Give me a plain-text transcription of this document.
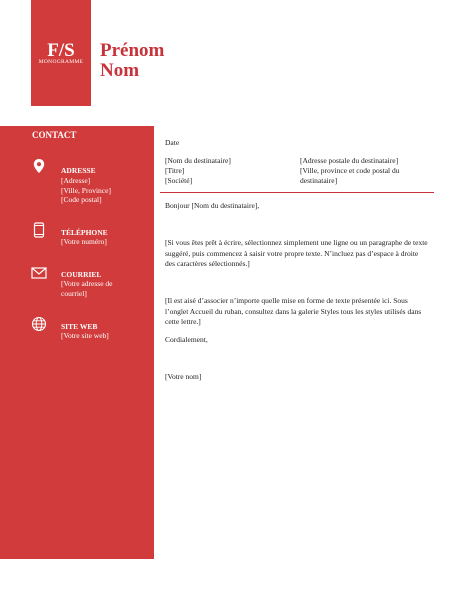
F/S
MONOGRAMME
Prénom
Nom
CONTACT
ADRESSE
[Adresse]
[Ville, Province]
[Code postal]
TÉLÉPHONE
[Votre numéro]
COURRIEL
[Votre adresse de
courriel]
SITE WEB
[Votre site web]
Date
[Nom du destinataire]
[Titre]
[Société]
[Adresse postale du destinataire]
[Ville, province et code postal du
destinataire]
Bonjour [Nom du destinataire],
[Si vous êtes prêt à écrire, sélectionnez simplement une ligne ou un paragraphe de texte suggéré, puis commencez à saisir votre propre texte. N’incluez pas d’espace à droite des caractères sélectionnés.]
[Il est aisé d’associer n’importe quelle mise en forme de texte présentée ici. Sous l’onglet Accueil du ruban, consultez dans la galerie Styles tous les styles utilisés dans cette lettre.]
Cordialement,
[Votre nom]
